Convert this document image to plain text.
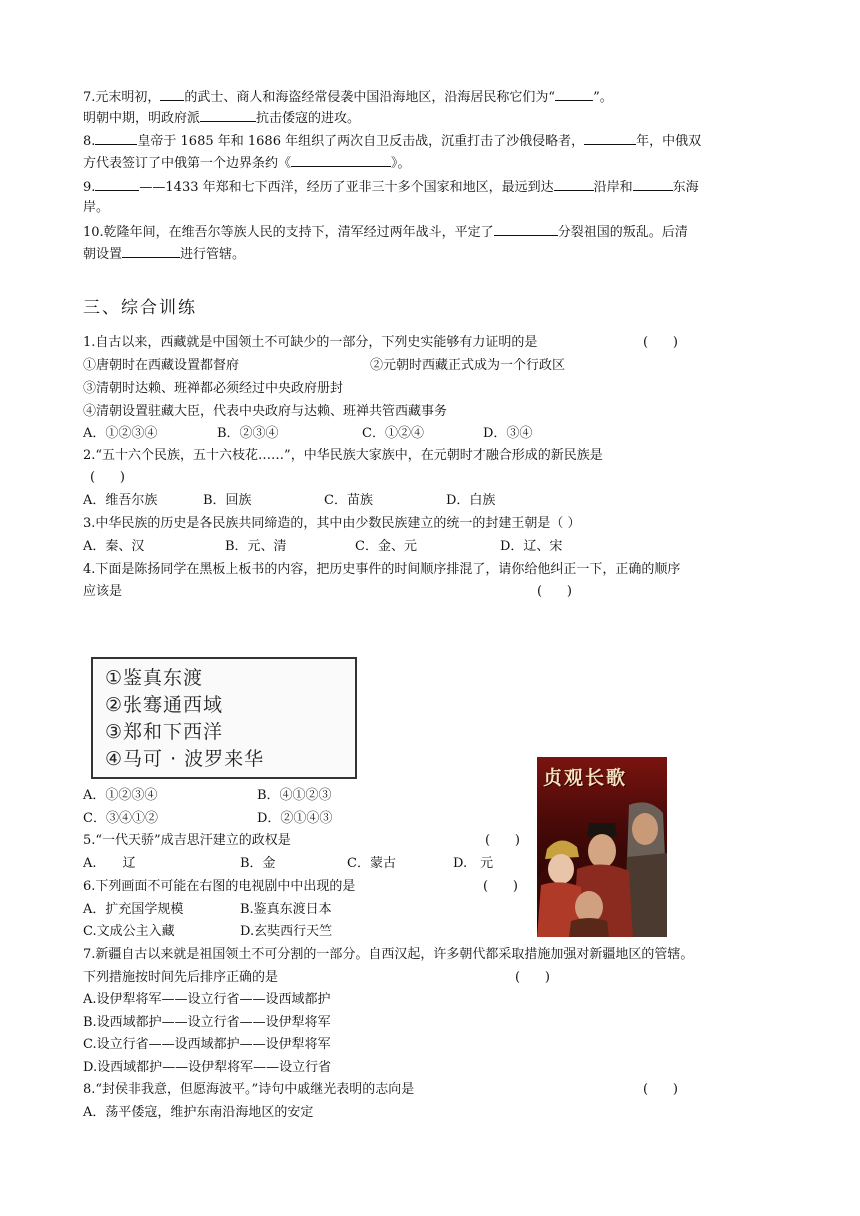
7.元末明初， 的武士、商人和海盗经常侵袭中国沿海地区，沿海居民称它们为“	”。
明朝中期，明政府派	抗击倭寇的进攻。
8.	皇帝于 1685 年和 1686 年组织了两次自卫反击战，沉重打击了沙俄侵略者，	年，中俄双
方代表签订了中俄第一个边界条约《	》。
9.	——1433 年郑和七下西洋，经历了亚非三十多个国家和地区，最远到达	沿岸和	东海
岸。
10.乾隆年间，在维吾尔等族人民的支持下，清军经过两年战斗，平定了	分裂祖国的叛乱。后清
朝设置	进行管辖。
三、综合训练
1.自古以来，西藏就是中国领土不可缺少的一部分，下列史实能够有力证明的是	(      )
①唐朝时在西藏设置都督府	②元朝时西藏正式成为一个行政区
③清朝时达赖、班禅都必须经过中央政府册封
④清朝设置驻藏大臣，代表中央政府与达赖、班禅共管西藏事务
A．①②③④	B．②③④	C．①②④	D．③④
2.“五十六个民族，五十六枝花……”，中华民族大家族中，在元朝时才融合形成的新民族是
(      )
A．维吾尔族	B．回族	C．苗族	D．白族
3.中华民族的历史是各民族共同缔造的，其中由少数民族建立的统一的封建王朝是（ ）
A．秦、汉	B．元、清	C．金、元	D．辽、宋
4.下面是陈扬同学在黑板上板书的内容，把历史事件的时间顺序排混了，请你给他纠正一下，正确的顺序
应该是	(      )
①鉴真东渡
②张骞通西域
③郑和下西洋
④马可 · 波罗来华
A．①②③④	B．④①②③
C．③④①②	D．②①④③
5.“一代天骄”成吉思汗建立的政权是	(      )
A.　　辽	B．金	C．蒙古	D.　元
6.下列画面不可能在右图的电视剧中中出现的是	(      )
A．扩充国学规模	B.鉴真东渡日本
C.文成公主入藏	D.玄奘西行天竺
贞观长歌
7.新疆自古以来就是祖国领土不可分割的一部分。自西汉起，许多朝代都采取措施加强对新疆地区的管辖。
下列措施按时间先后排序正确的是	(      )
A.设伊犁将军——设立行省——设西域都护
B.设西域都护——设立行省——设伊犁将军
C.设立行省——设西域都护——设伊犁将军
D.设西域都护——设伊犁将军——设立行省
8.“封侯非我意，但愿海波平。”诗句中戚继光表明的志向是	(      )
A．荡平倭寇，维护东南沿海地区的安定
